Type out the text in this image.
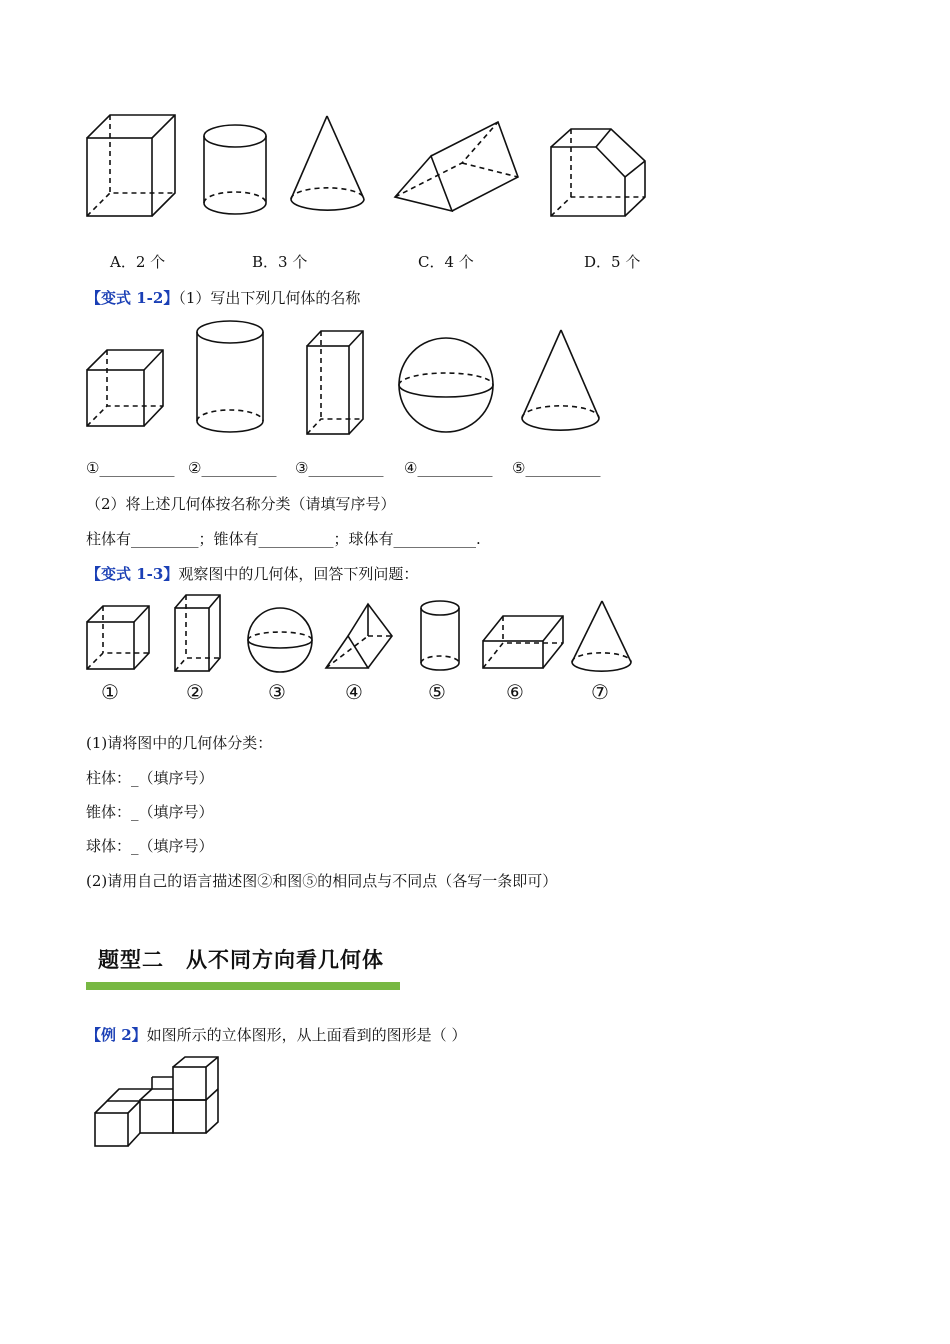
A．2 个	B．3 个	C．4 个	D．5 个
【变式 1-2】（1）写出下列几何体的名称
①__________ ②__________ ③__________ ④__________ ⑤__________
（2）将上述几何体按名称分类（请填写序号）
柱体有_________；锥体有__________；球体有___________.
【变式 1-3】观察图中的几何体，回答下列问题：
①	②	③	④	⑤	⑥	⑦
(1)请将图中的几何体分类：
柱体：_（填序号）
锥体：_（填序号）
球体：_（填序号）
(2)请用自己的语言描述图②和图⑤的相同点与不同点（各写一条即可）
题型二　从不同方向看几何体
【例 2】如图所示的立体图形，从上面看到的图形是（ ）
